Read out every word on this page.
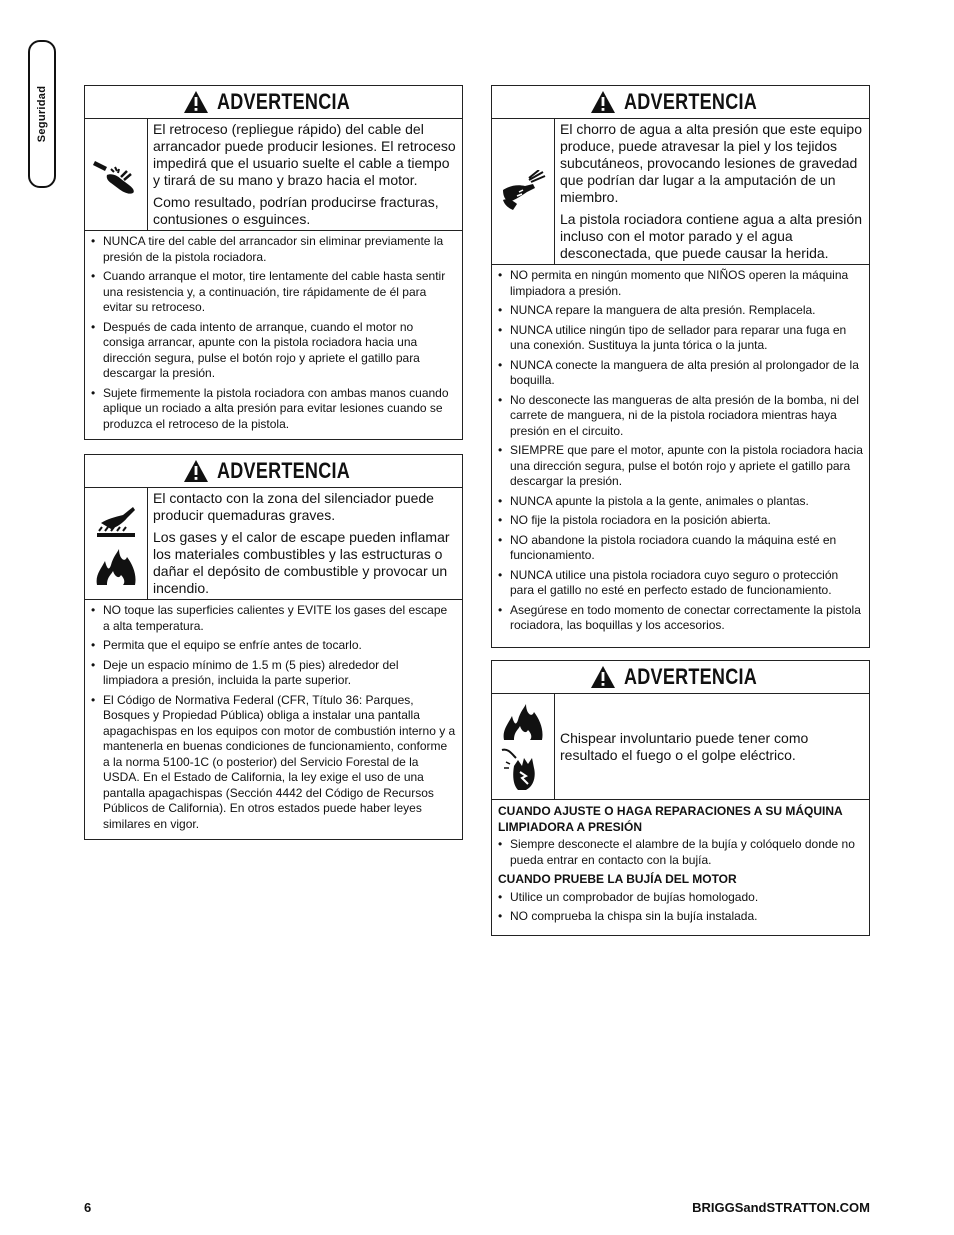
Seguridad	ADVERTENCIA

El retroceso (repliegue rápido) del cable del arrancador puede producir lesiones. El retroceso impedirá que el usuario suelte el cable a tiempo y tirará de su mano y brazo hacia el motor.

Como resultado, podrían producirse fracturas, contusiones o esguinces.

• NUNCA tire del cable del arrancador sin eliminar previamente la presión de la pistola rociadora.
• Cuando arranque el motor, tire lentamente del cable hasta sentir una resistencia y, a continuación, tire rápidamente de él para evitar su retroceso.
• Después de cada intento de arranque, cuando el motor no consiga arrancar, apunte con la pistola rociadora hacia una dirección segura, pulse el botón rojo y apriete el gatillo para descargar la presión.
• Sujete firmemente la pistola rociadora con ambas manos cuando aplique un rociado a alta presión para evitar lesiones cuando se produzca el retroceso de la pistola.
ADVERTENCIA

El contacto con la zona del silenciador puede producir quemaduras graves.

Los gases y el calor de escape pueden inflamar los materiales combustibles y las estructuras o dañar el depósito de combustible y provocar un incendio.

• NO toque las superficies calientes y EVITE los gases del escape a alta temperatura.
• Permita que el equipo se enfríe antes de tocarlo.
• Deje un espacio mínimo de 1.5 m (5 pies) alrededor del limpiadora a presión, incluida la parte superior.
• El Código de Normativa Federal (CFR, Título 36: Parques, Bosques y Propiedad Pública) obliga a instalar una pantalla apagachispas en los equipos con motor de combustión interno y a mantenerla en buenas condiciones de funcionamiento, conforme a la norma 5100-1C (o posterior) del Servicio Forestal de la USDA. En el Estado de California, la ley exige el uso de una pantalla apagachispas (Sección 4442 del Código de Recursos Públicos de California). En otros estados puede haber leyes similares en vigor.
ADVERTENCIA

El chorro de agua a alta presión que este equipo produce, puede atravesar la piel y los tejidos subcutáneos, provocando lesiones de gravedad que podrían dar lugar a la amputación de un miembro.

La pistola rociadora contiene agua a alta presión incluso con el motor parado y el agua desconectada, que puede causar la herida.

• NO permita en ningún momento que NIÑOS operen la máquina limpiadora a presión.
• NUNCA repare la manguera de alta presión. Remplacela.
• NUNCA utilice ningún tipo de sellador para reparar una fuga en una conexión. Sustituya la junta tórica o la junta.
• NUNCA conecte la manguera de alta presión al prolongador de la boquilla.
• No desconecte las mangueras de alta presión de la bomba, ni del carrete de manguera, ni de la pistola rociadora mientras haya presión en el circuito.
• SIEMPRE que pare el motor, apunte con la pistola rociadora hacia una dirección segura, pulse el botón rojo y apriete el gatillo para descargar la presión.
• NUNCA apunte la pistola a la gente, animales o plantas.
• NO fije la pistola rociadora en la posición abierta.
• NO abandone la pistola rociadora cuando la máquina esté en funcionamiento.
• NUNCA utilice una pistola rociadora cuyo seguro o protección para el gatillo no esté en perfecto estado de funcionamiento.
• Asegúrese en todo momento de conectar correctamente la pistola rociadora, las boquillas y los accesorios.
ADVERTENCIA

Chispear involuntario puede tener como resultado el fuego o el golpe eléctrico.

CUANDO AJUSTE O HAGA REPARACIONES A SU MÁQUINA LIMPIADORA A PRESIÓN
• Siempre desconecte el alambre de la bujía y colóquelo donde no pueda entrar en contacto con la bujía.
CUANDO PRUEBE LA BUJÍA DEL MOTOR
• Utilice un comprobador de bujías homologado.
• NO comprueba la chispa sin la bujía instalada.
6	BRIGGSandSTRATTON.COM
